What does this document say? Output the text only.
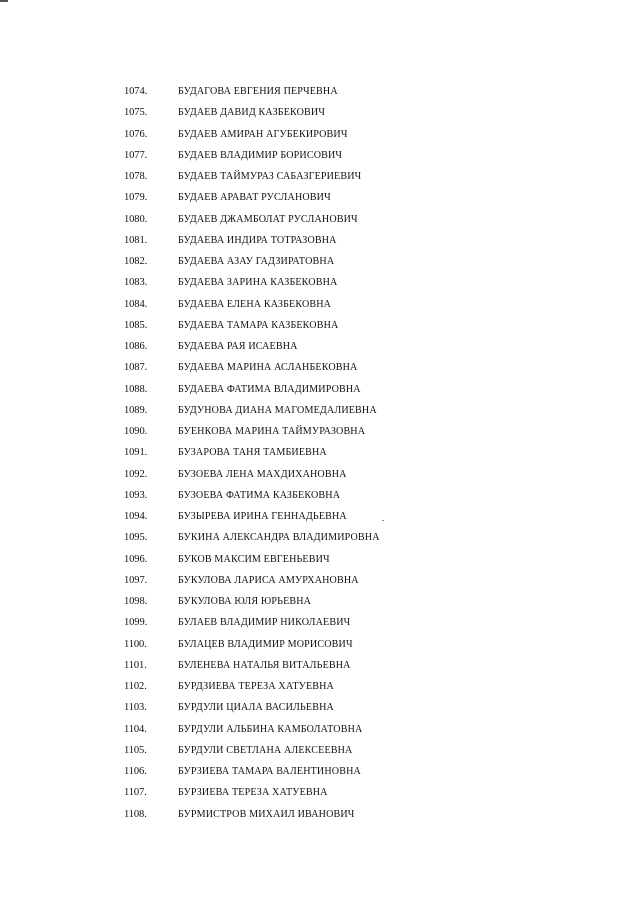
1074.	БУДАГОВА ЕВГЕНИЯ ПЕРЧЕВНА
1075.	БУДАЕВ ДАВИД КАЗБЕКОВИЧ
1076.	БУДАЕВ АМИРАН АГУБЕКИРОВИЧ
1077.	БУДАЕВ ВЛАДИМИР БОРИСОВИЧ
1078.	БУДАЕВ ТАЙМУРАЗ САБАЗГЕРИЕВИЧ
1079.	БУДАЕВ АРАВАТ РУСЛАНОВИЧ
1080.	БУДАЕВ ДЖАМБОЛАТ РУСЛАНОВИЧ
1081.	БУДАЕВА ИНДИРА ТОТРАЗОВНА
1082.	БУДАЕВА АЗАУ ГАДЗИРАТОВНА
1083.	БУДАЕВА ЗАРИНА КАЗБЕКОВНА
1084.	БУДАЕВА ЕЛЕНА КАЗБЕКОВНА
1085.	БУДАЕВА ТАМАРА КАЗБЕКОВНА
1086.	БУДАЕВА РАЯ ИСАЕВНА
1087.	БУДАЕВА МАРИНА АСЛАНБЕКОВНА
1088.	БУДАЕВА ФАТИМА ВЛАДИМИРОВНА
1089.	БУДУНОВА ДИАНА МАГОМЕДАЛИЕВНА
1090.	БУЕНКОВА МАРИНА ТАЙМУРАЗОВНА
1091.	БУЗАРОВА ТАНЯ ТАМБИЕВНА
1092.	БУЗОЕВА ЛЕНА МАХДИХАНОВНА
1093.	БУЗОЕВА ФАТИМА КАЗБЕКОВНА
1094.	БУЗЫРЕВА ИРИНА ГЕННАДЬЕВНА
1095.	БУКИНА АЛЕКСАНДРА ВЛАДИМИРОВНА
1096.	БУКОВ МАКСИМ ЕВГЕНЬЕВИЧ
1097.	БУКУЛОВА ЛАРИСА АМУРХАНОВНА
1098.	БУКУЛОВА ЮЛЯ ЮРЬЕВНА
1099.	БУЛАЕВ ВЛАДИМИР НИКОЛАЕВИЧ
1100.	БУЛАЦЕВ ВЛАДИМИР МОРИСОВИЧ
1101.	БУЛЕНЕВА НАТАЛЬЯ ВИТАЛЬЕВНА
1102.	БУРДЗИЕВА ТЕРЕЗА ХАТУЕВНА
1103.	БУРДУЛИ ЦИАЛА ВАСИЛЬЕВНА
1104.	БУРДУЛИ АЛЬБИНА КАМБОЛАТОВНА
1105.	БУРДУЛИ СВЕТЛАНА АЛЕКСЕЕВНА
1106.	БУРЗИЕВА ТАМАРА ВАЛЕНТИНОВНА
1107.	БУРЗИЕВА ТЕРЕЗА ХАТУЕВНА
1108.	БУРМИСТРОВ МИХАИЛ ИВАНОВИЧ
